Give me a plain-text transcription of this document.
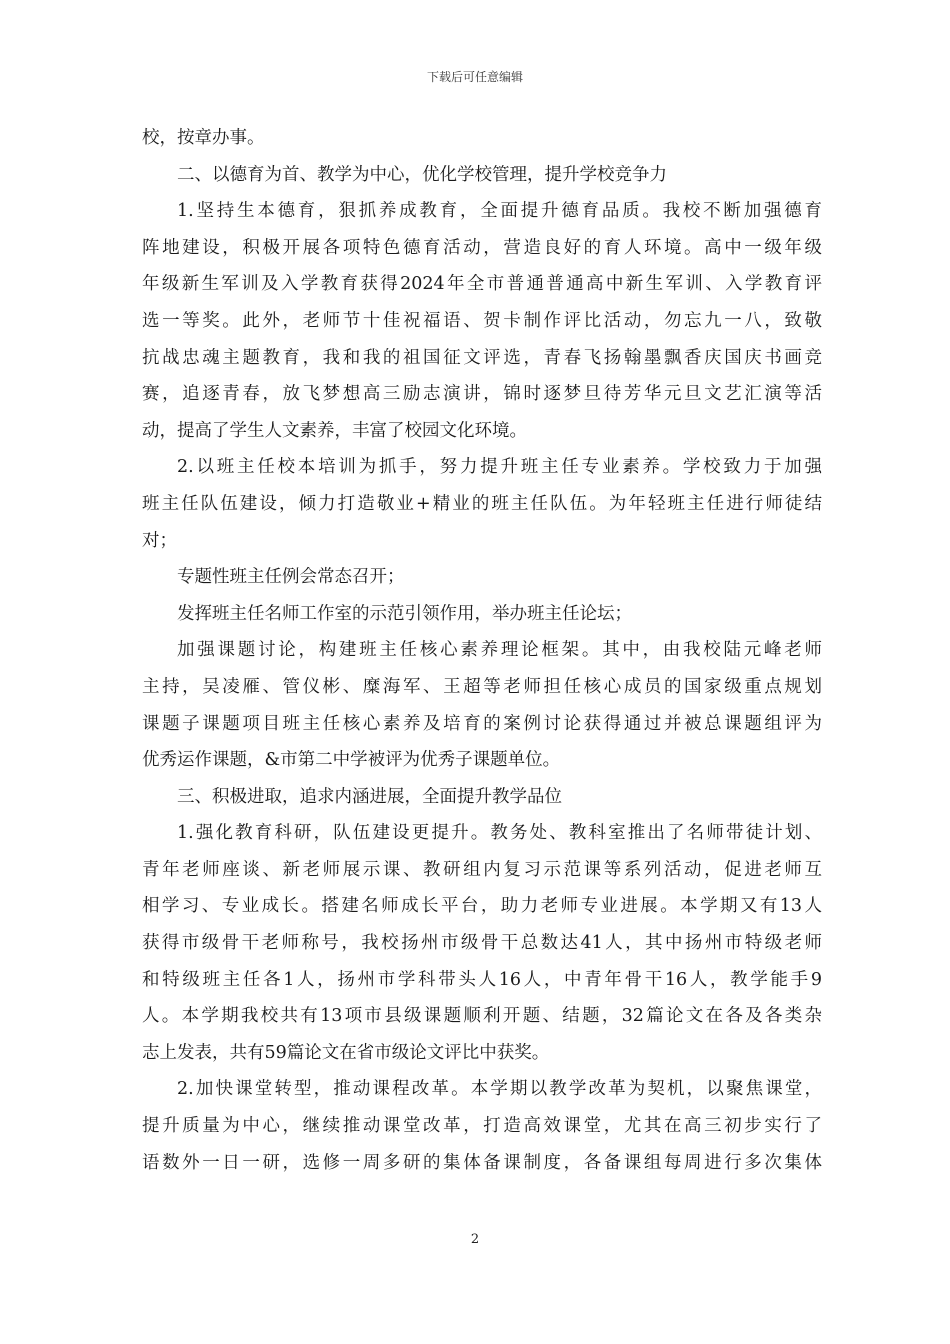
下载后可任意编辑
校，按章办事。
二、以德育为首、教学为中心，优化学校管理，提升学校竞争力
1.坚持生本德育，狠抓养成教育，全面提升德育品质。我校不断加强德育
阵地建设，积极开展各项特色德育活动，营造良好的育人环境。高中一级年级
年级新生军训及入学教育获得2024年全市普通普通高中新生军训、入学教育评
选一等奖。此外，老师节十佳祝福语、贺卡制作评比活动，勿忘九一八，致敬
抗战忠魂主题教育，我和我的祖国征文评选，青春飞扬翰墨飘香庆国庆书画竞
赛，追逐青春，放飞梦想高三励志演讲，锦时逐梦旦待芳华元旦文艺汇演等活
动，提高了学生人文素养，丰富了校园文化环境。
2.以班主任校本培训为抓手，努力提升班主任专业素养。学校致力于加强
班主任队伍建设，倾力打造敬业+精业的班主任队伍。为年轻班主任进行师徒结
对；
专题性班主任例会常态召开；
发挥班主任名师工作室的示范引领作用，举办班主任论坛；
加强课题讨论，构建班主任核心素养理论框架。其中，由我校陆元峰老师
主持，吴凌雁、管仪彬、糜海军、王超等老师担任核心成员的国家级重点规划
课题子课题项目班主任核心素养及培育的案例讨论获得通过并被总课题组评为
优秀运作课题，&市第二中学被评为优秀子课题单位。
三、积极进取，追求内涵进展，全面提升教学品位
1.强化教育科研，队伍建设更提升。教务处、教科室推出了名师带徒计划、
青年老师座谈、新老师展示课、教研组内复习示范课等系列活动，促进老师互
相学习、专业成长。搭建名师成长平台，助力老师专业进展。本学期又有13人
获得市级骨干老师称号，我校扬州市级骨干总数达41人，其中扬州市特级老师
和特级班主任各1人，扬州市学科带头人16人，中青年骨干16人，教学能手9
人。本学期我校共有13项市县级课题顺利开题、结题，32篇论文在各及各类杂
志上发表，共有59篇论文在省市级论文评比中获奖。
2.加快课堂转型，推动课程改革。本学期以教学改革为契机，以聚焦课堂，
提升质量为中心，继续推动课堂改革，打造高效课堂，尤其在高三初步实行了
语数外一日一研，选修一周多研的集体备课制度，各备课组每周进行多次集体
2
